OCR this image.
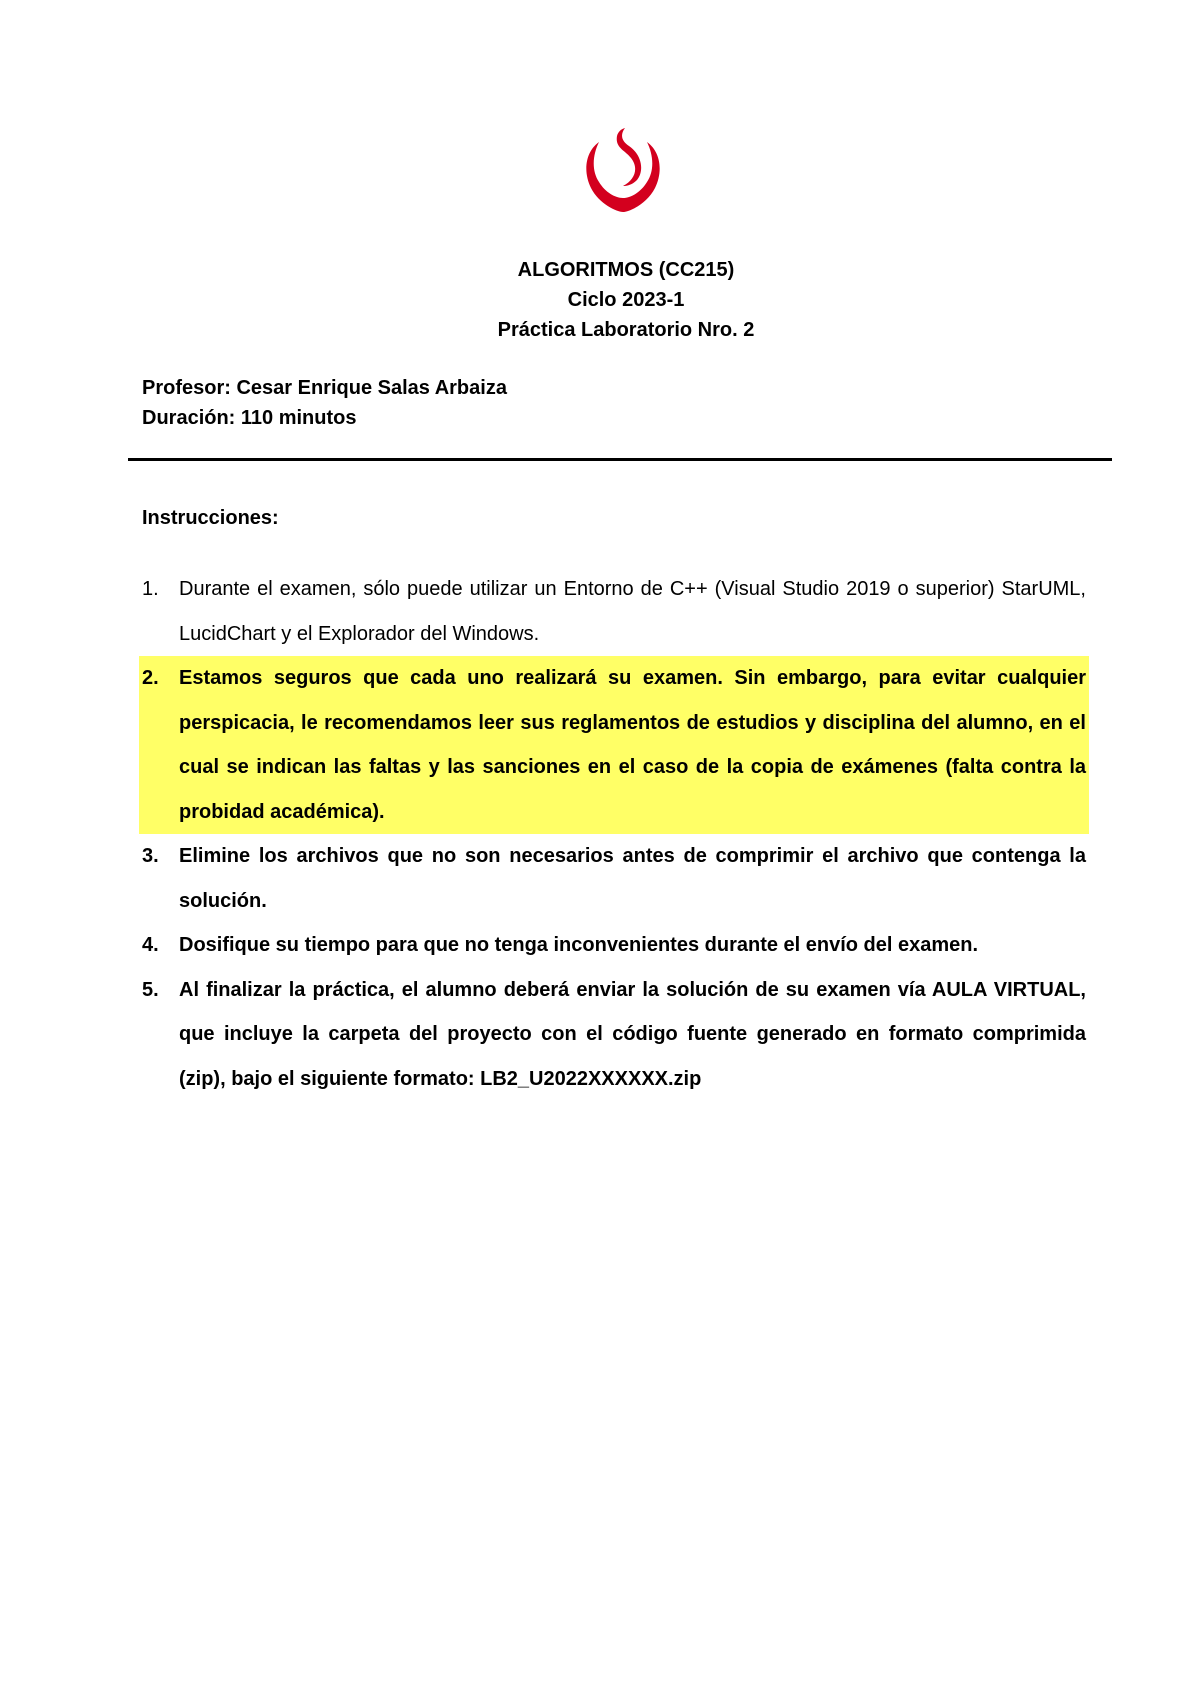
ALGORITMOS (CC215)
Ciclo 2023-1
Práctica Laboratorio Nro. 2
Profesor: Cesar Enrique Salas Arbaiza
Duración: 110 minutos
Instrucciones:
1. Durante el examen, sólo puede utilizar un Entorno de C++ (Visual Studio 2019 o superior) StarUML, LucidChart y el Explorador del Windows.
2. Estamos seguros que cada uno realizará su examen. Sin embargo, para evitar cualquier perspicacia, le recomendamos leer sus reglamentos de estudios y disciplina del alumno, en el cual se indican las faltas y las sanciones en el caso de la copia de exámenes (falta contra la probidad académica).
3. Elimine los archivos que no son necesarios antes de comprimir el archivo que contenga la solución.
4. Dosifique su tiempo para que no tenga inconvenientes durante el envío del examen.
5. Al finalizar la práctica, el alumno deberá enviar la solución de su examen vía AULA VIRTUAL, que incluye la carpeta del proyecto con el código fuente generado en formato comprimida (zip), bajo el siguiente formato: LB2_U2022XXXXXX.zip
